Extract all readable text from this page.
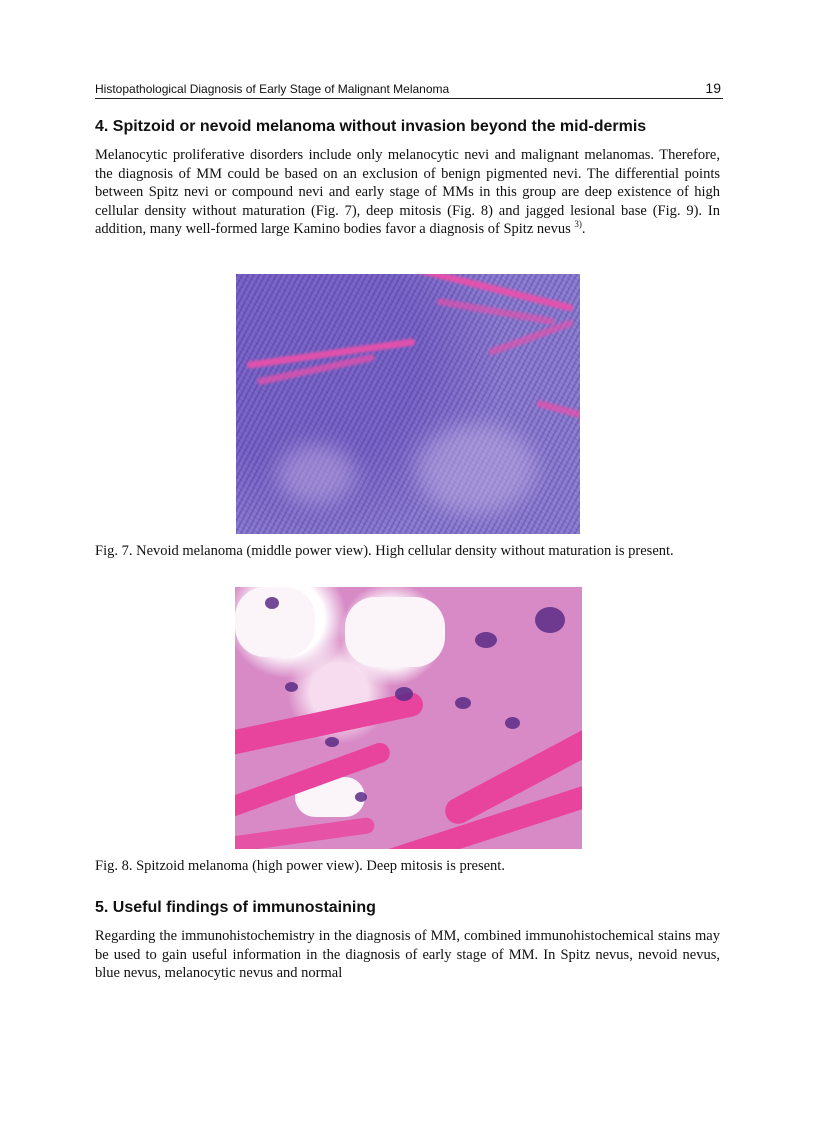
Histopathological Diagnosis of Early Stage of Malignant Melanoma	19
4. Spitzoid or nevoid melanoma without invasion beyond the mid-dermis

Melanocytic proliferative disorders include only melanocytic nevi and malignant melanomas. Therefore, the diagnosis of MM could be based on an exclusion of benign pigmented nevi. The differential points between Spitz nevi or compound nevi and early stage of MMs in this group are deep existence of high cellular density without maturation (Fig. 7), deep mitosis (Fig. 8) and jagged lesional base (Fig. 9). In addition, many well-formed large Kamino bodies favor a diagnosis of Spitz nevus $^{3)}$.

Fig. 7. Nevoid melanoma (middle power view). High cellular density without maturation is present.

Fig. 8. Spitzoid melanoma (high power view). Deep mitosis is present.

5. Useful findings of immunostaining

Regarding the immunohistochemistry in the diagnosis of MM, combined immunohistochemical stains may be used to gain useful information in the diagnosis of early stage of MM. In Spitz nevus, nevoid nevus, blue nevus, melanocytic nevus and normal
